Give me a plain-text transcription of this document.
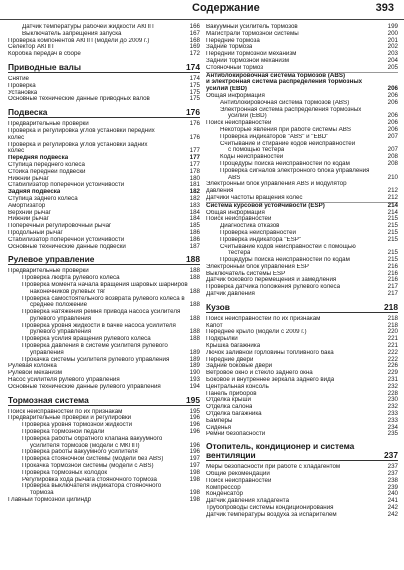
Содержание	393
Датчик температуры рабочей жидкости АКПП	166
Выключатель запрещения запуска	167
Проверка компонентов АКПП (модели до 2009 г.)	168
Селектор АКПП	169
Коробка передач в сборе	172
Приводные валы	174
Снятие	174
Проверка	175
Установка	175
Основные технические данные приводных валов	175
Подвеска	176
Предварительные проверки	176
Проверка и регулировка углов установки передних
колес	176
Проверка и регулировка углов установки задних
колес	177
Передняя подвеска	177
Ступица переднего колеса	177
Стойка передней подвески	178
Нижний рычаг	180
Стабилизатор поперечной устойчивости	181
Задняя подвеска	182
Ступица заднего колеса	182
Амортизатор	183
Верхний рычаг	184
Нижний рычаг	184
Поперечный регулировочный рычаг	185
Продольный рычаг	186
Стабилизатор поперечной устойчивости	186
Основные технические данные подвески	187
Рулевое управление	188
Предварительные проверки	188
Проверка люфта рулевого колеса	188
Проверка момента начала вращения шаровых шарниров
наконечников рулевых тяг	188
Проверка самостоятельного возврата рулевого колеса в
среднее положение	188
Проверка натяжения ремня привода насоса усилителя
рулевого управления	188
Проверка уровня жидкости в бачке насоса усилителя
рулевого управления	188
Проверка усилия вращения рулевого колеса	188
Проверка давления в системе усилителя рулевого
управления	189
Прокачка системы усилителя рулевого управления	189
Рулевая колонка	189
Рулевой механизм	190
Насос усилителя рулевого управления	193
Основные технические данные рулевого управления	194
Тормозная система	195
Поиск неисправностей по их признакам	195
Предварительные проверки и регулировки	196
Проверка уровня тормозной жидкости	196
Проверка тормозной педали	196
Проверка работы обратного клапана вакуумного
усилителя тормозов (модели с МКПП)	196
Проверка работы вакуумного усилителя	196
Проверка стояночной системы (модели без ABS)	197
Прокачка тормозной системы (модели с ABS)	197
Проверка тормозных колодок	198
Регулировка хода рычага стояночного тормоза	198
Проверка выключателя индикатора стояночного
тормоза	198
Главный тормозной цилиндр	198
Вакуумный усилитель тормозов	199
Магистрали тормозной системы	200
Передние тормоза	201
Задние тормоза	202
Передний тормозной механизм	203
Задний тормозной механизм	204
Стояночный тормоз	205
Антиблокировочная система тормозов (ABS)
и электронная система распределения тормозных
усилий (EBD)	206
Общая информация	206
Антиблокировочная система тормозов (ABS)	206
Электронная система распределения тормозных
усилий (EBD)	206
Поиск неисправностей	206
Некоторые явления при работе системы ABS	206
Проверка индикаторов "ABS" и "EBD"	207
Считывание и стирание кодов неисправностей
с помощью тестера	207
Коды неисправностей	208
Процедуры поиска неисправностей по кодам	208
Проверка сигналов электронного блока управления
ABS	210
Электронный блок управления ABS и модулятор
давления	212
Датчики частоты вращения колес	212
Система курсовой устойчивости (ESP)	214
Общая информация	214
Поиск неисправностей	215
Диагностика отказов	215
Проверка неисправностей	215
Проверка индикатора "ESP"	215
Считывание кодов неисправностей с помощью
тестера	215
Процедуры поиска неисправностей по кодам	215
Электронный блок управления ESP	216
Выключатель системы ESP	216
Датчик бокового перемещения и замедления	216
Проверка датчика положения рулевого колеса	217
Датчик давления	217
Кузов	218
Поиск неисправностей по их признакам	218
Капот	218
Переднее крыло (модели с 2009 г.)	220
Подкрылки	221
Крышка багажника	221
Лючок заливной горловины топливного бака	222
Передние двери	222
Задние боковые двери	226
Ветровое окно и стекло заднего окна	229
Боковое и внутреннее зеркала заднего вида	231
Центральная консоль	232
Панель приборов	228
Отделка крыши	230
Отделка салона	232
Отделка багажника	233
Бамперы	233
Сиденья	234
Ремни безопасности	235
Отопитель, кондиционер и система
вентиляции	237
Меры безопасности при работе с хладагентом	237
Общие рекомендации	237
Поиск неисправностей	238
Компрессор	239
Конденсатор	240
Датчик давления хладагента	241
Трубопроводы системы кондиционирования	242
Датчик температуры воздуха за испарителем	242
